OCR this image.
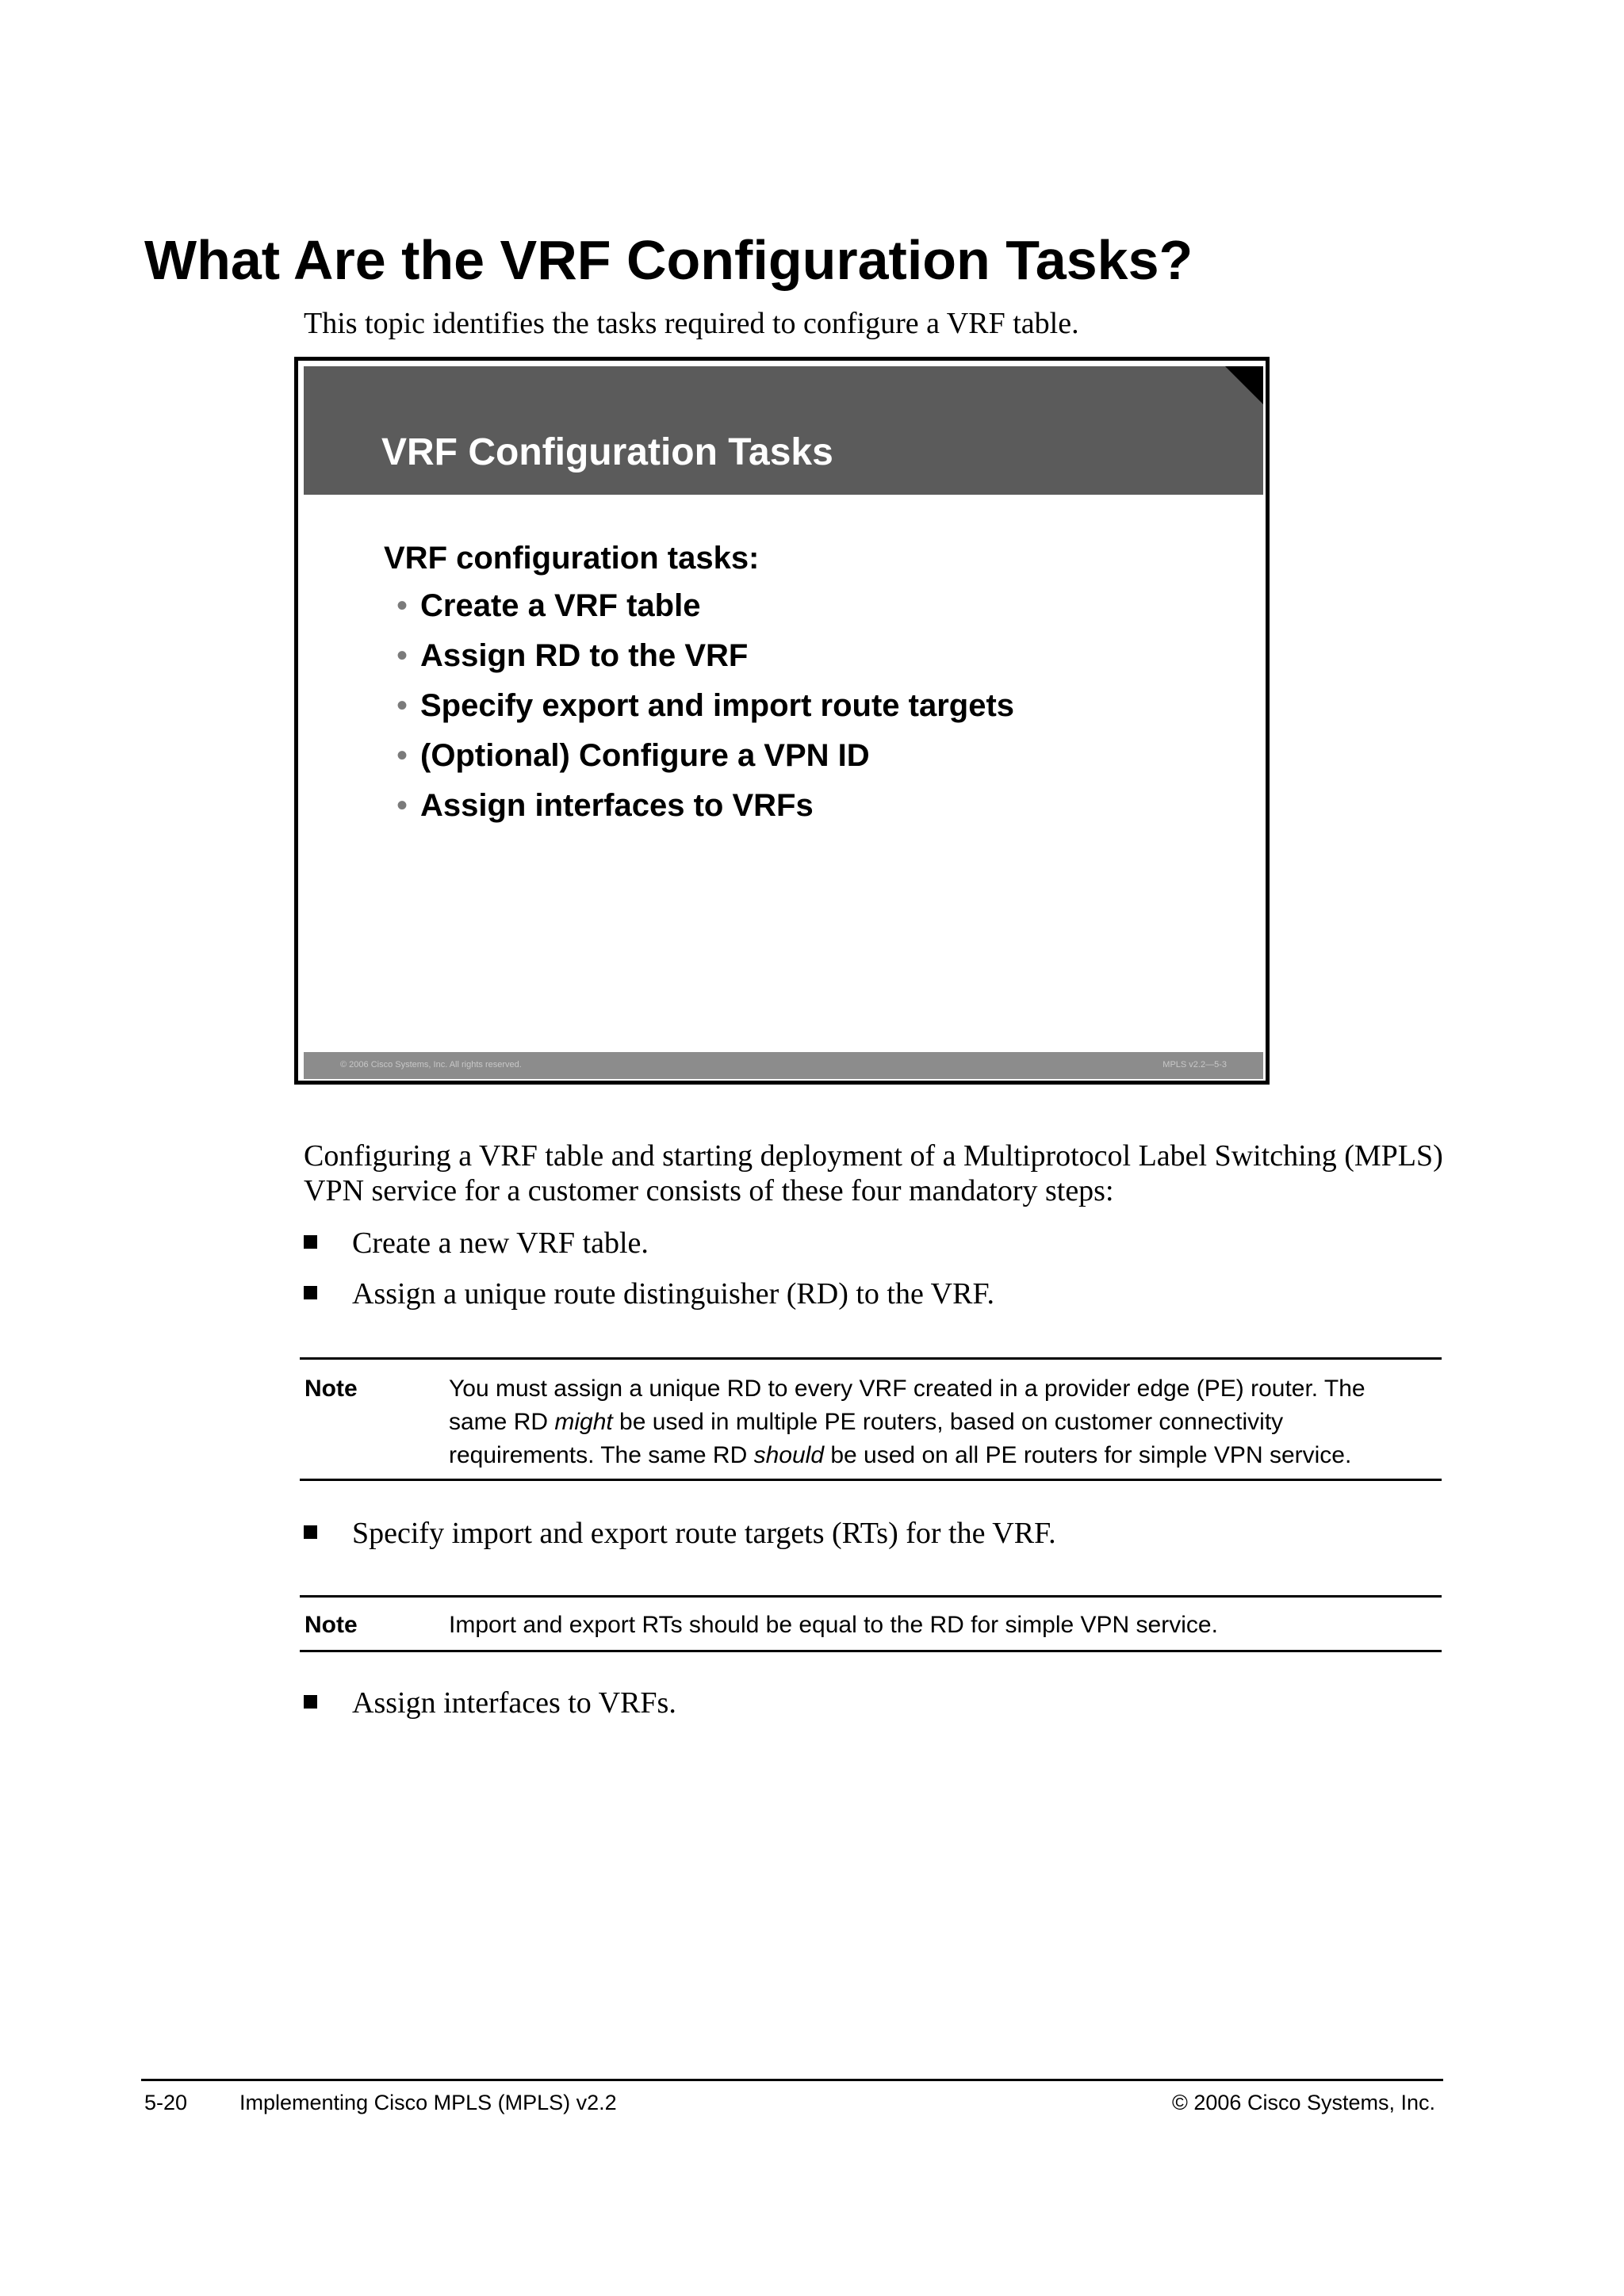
What Are the VRF Configuration Tasks?
This topic identifies the tasks required to configure a VRF table.
VRF Configuration Tasks
VRF configuration tasks:
• Create a VRF table
• Assign RD to the VRF
• Specify export and import route targets
• (Optional) Configure a VPN ID
• Assign interfaces to VRFs
© 2006 Cisco Systems, Inc. All rights reserved.	MPLS v2.2—5-3
Configuring a VRF table and starting deployment of a Multiprotocol Label Switching (MPLS) VPN service for a customer consists of these four mandatory steps:
Create a new VRF table.
Assign a unique route distinguisher (RD) to the VRF.
Note	You must assign a unique RD to every VRF created in a provider edge (PE) router. The same RD might be used in multiple PE routers, based on customer connectivity requirements. The same RD should be used on all PE routers for simple VPN service.
Specify import and export route targets (RTs) for the VRF.
Note	Import and export RTs should be equal to the RD for simple VPN service.
Assign interfaces to VRFs.
5-20 Implementing Cisco MPLS (MPLS) v2.2	© 2006 Cisco Systems, Inc.
